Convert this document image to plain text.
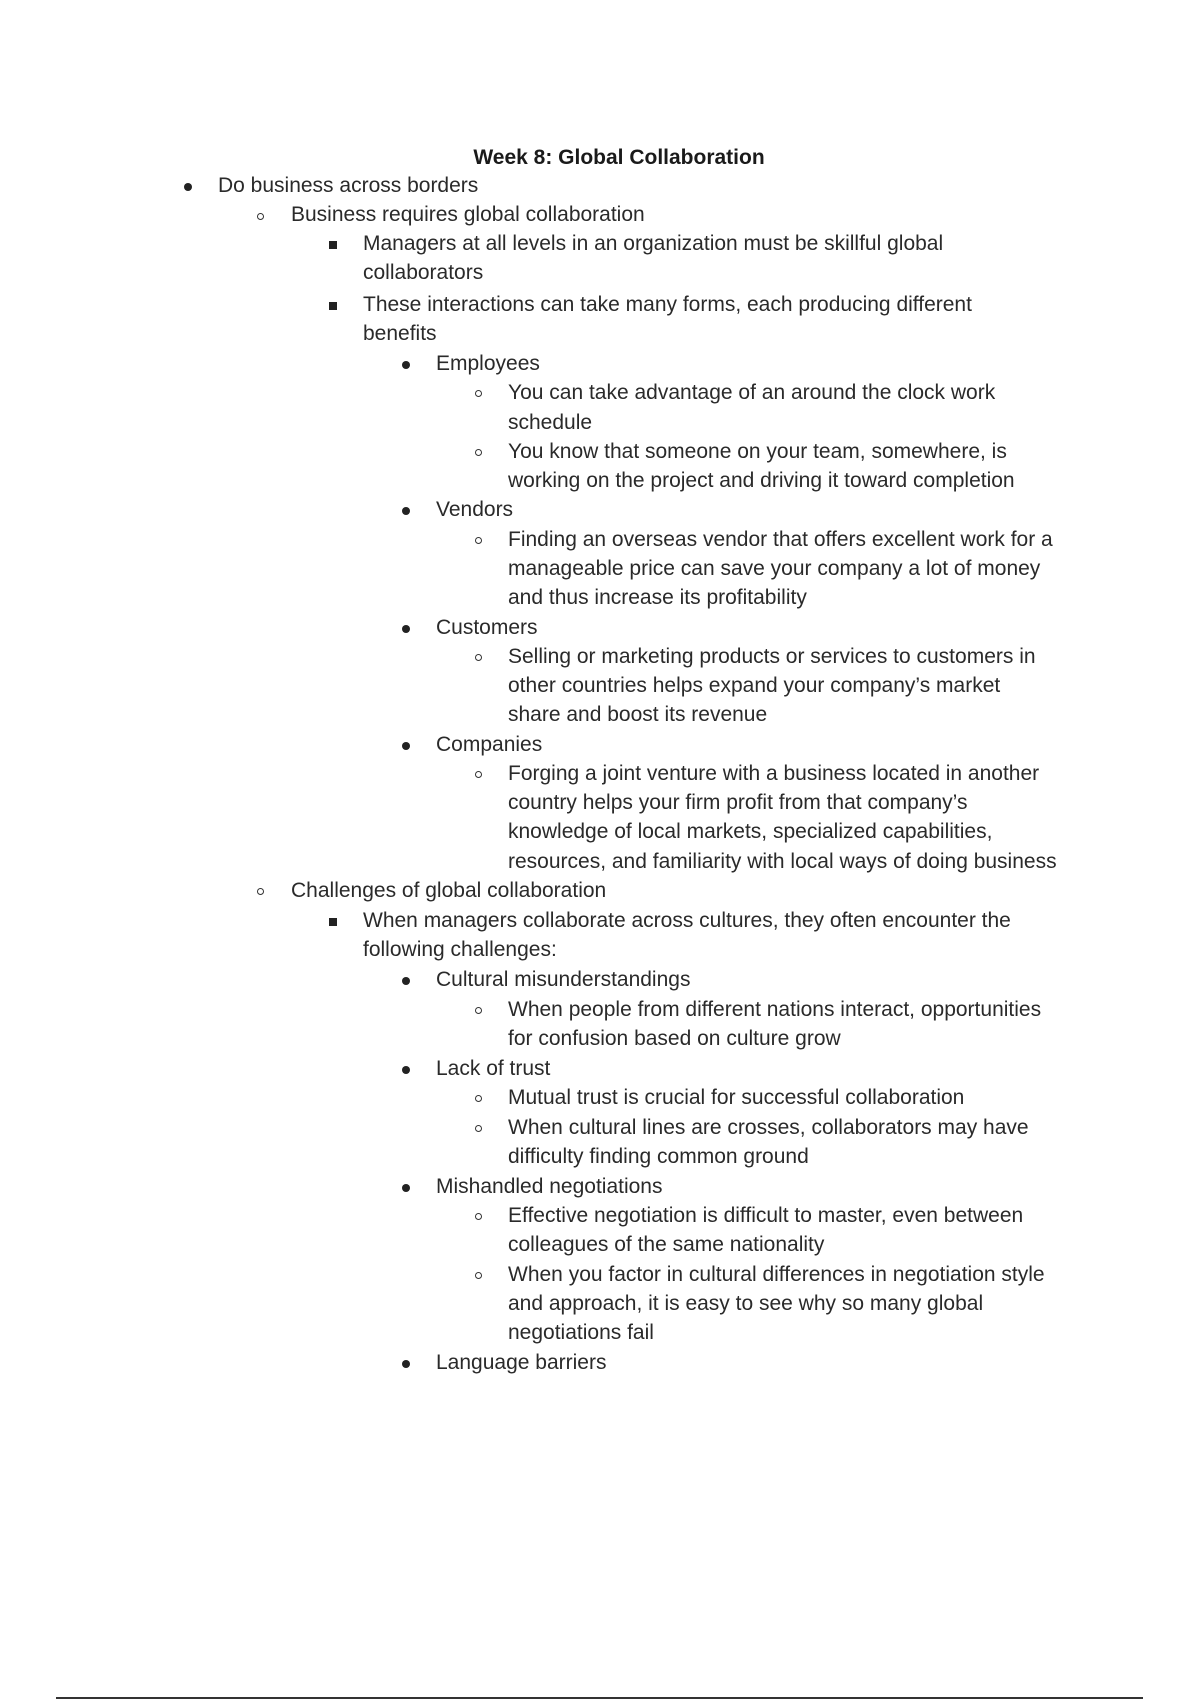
Week 8: Global Collaboration
Do business across borders
Business requires global collaboration
Managers at all levels in an organization must be skillful global
collaborators
These interactions can take many forms, each producing different
benefits
Employees
You can take advantage of an around the clock work
schedule
You know that someone on your team, somewhere, is
working on the project and driving it toward completion
Vendors
Finding an overseas vendor that offers excellent work for a
manageable price can save your company a lot of money
and thus increase its profitability
Customers
Selling or marketing products or services to customers in
other countries helps expand your company’s market
share and boost its revenue
Companies
Forging a joint venture with a business located in another
country helps your firm profit from that company’s
knowledge of local markets, specialized capabilities,
resources, and familiarity with local ways of doing business
Challenges of global collaboration
When managers collaborate across cultures, they often encounter the
following challenges:
Cultural misunderstandings
When people from different nations interact, opportunities
for confusion based on culture grow
Lack of trust
Mutual trust is crucial for successful collaboration
When cultural lines are crosses, collaborators may have
difficulty finding common ground
Mishandled negotiations
Effective negotiation is difficult to master, even between
colleagues of the same nationality
When you factor in cultural differences in negotiation style
and approach, it is easy to see why so many global
negotiations fail
Language barriers
